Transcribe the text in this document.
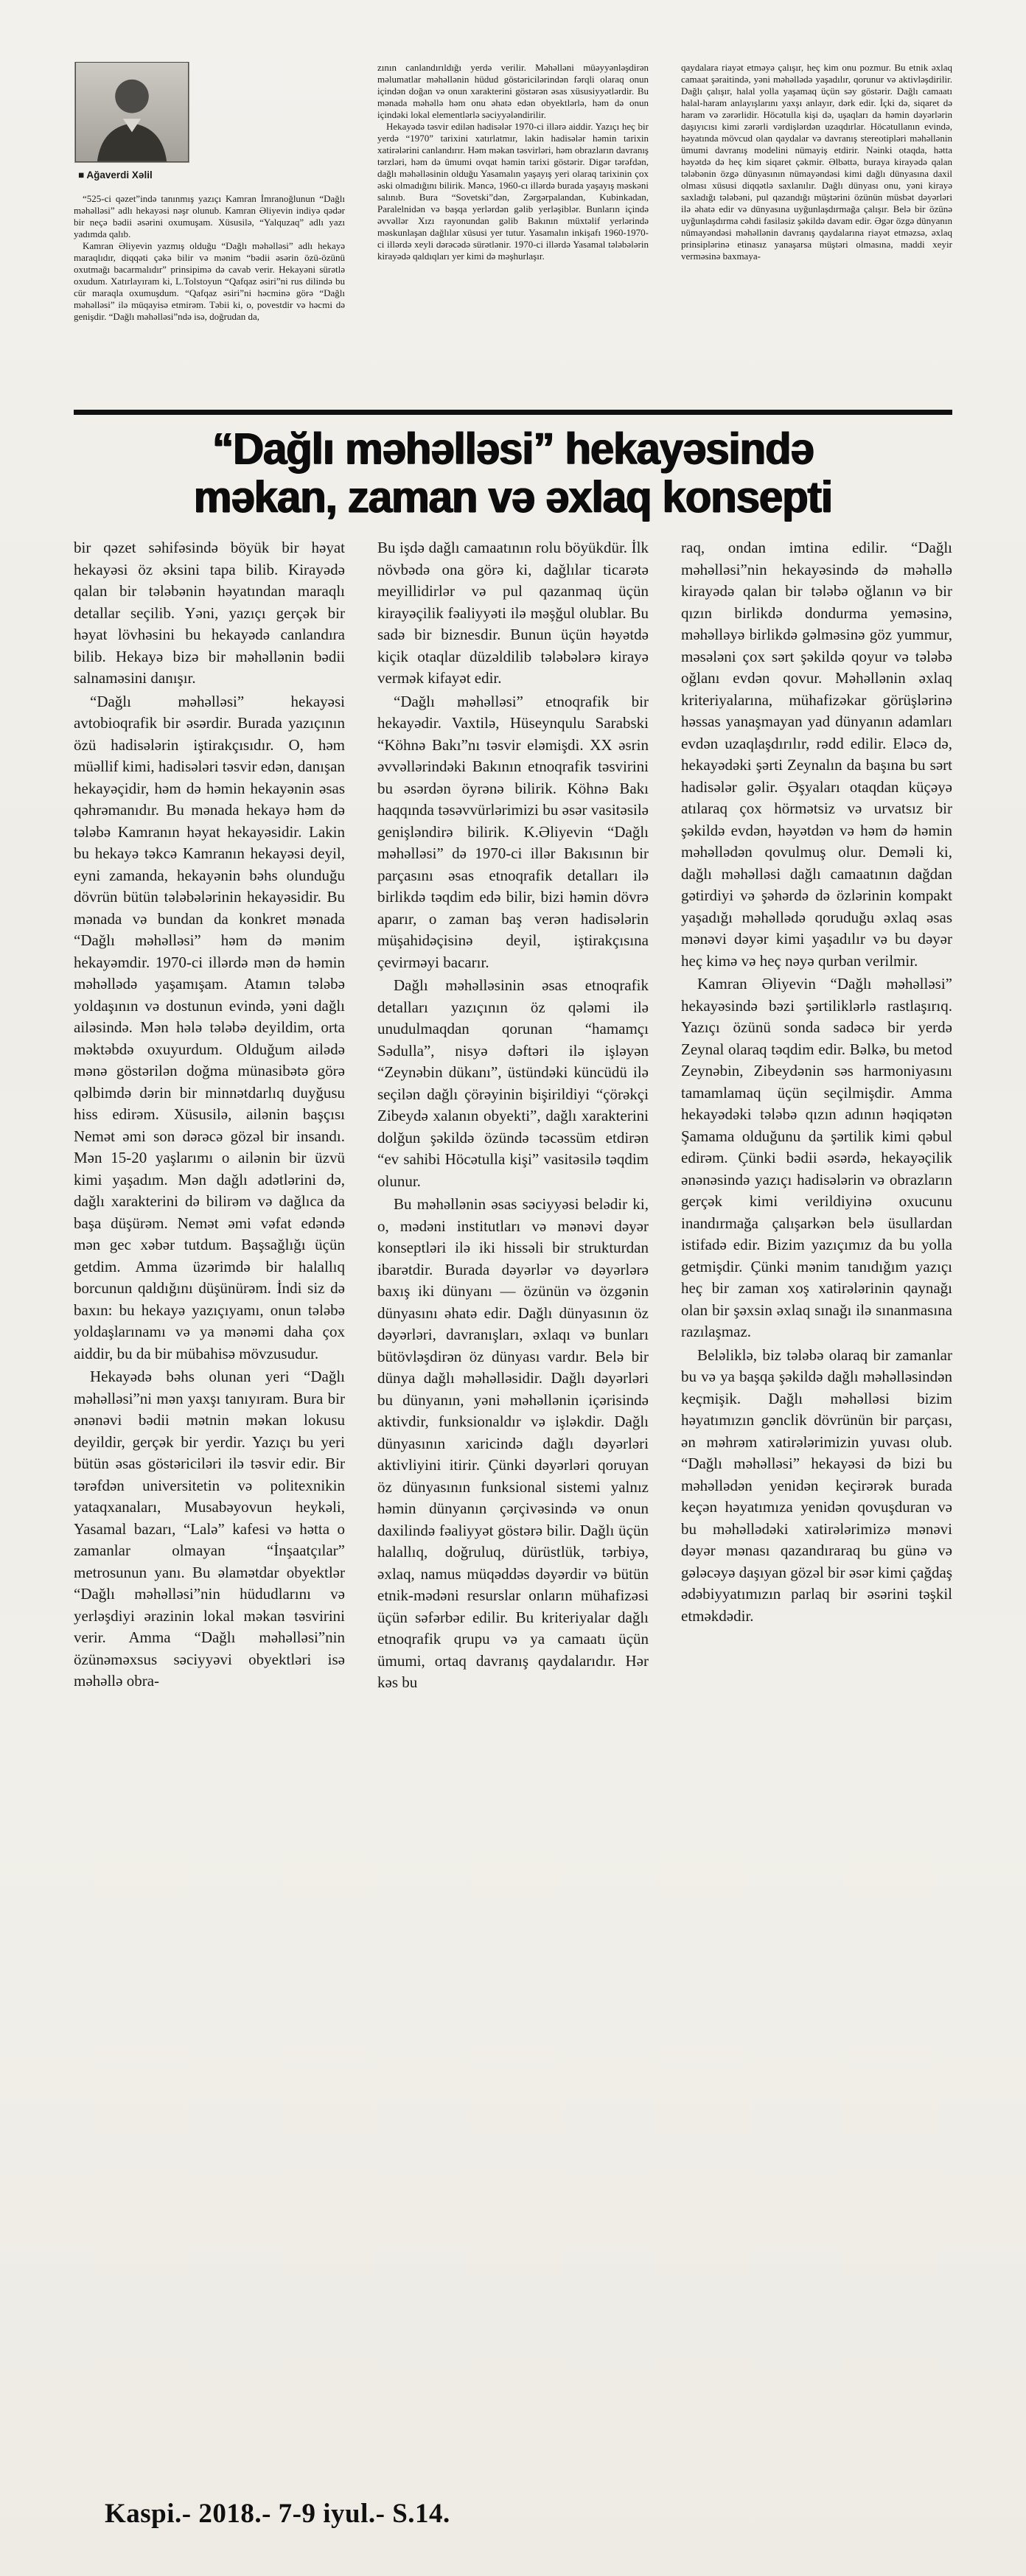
■ Ağaverdi Xəlil

“525-ci qəzet”ində tanınmış yazıçı Kamran İmranoğlunun “Dağlı məhəlləsi” adlı hekayəsi nəşr olunub. Kamran Əliyevin indiyə qədər bir neçə bədii əsərini oxumuşam. Xüsusilə, “Yalquzaq” adlı yazı yadımda qalıb.

Kamran Əliyevin yazmış olduğu “Dağlı məhəlləsi” adlı hekayə maraqlıdır, diqqəti çəkə bilir və mənim “bədii əsərin özü-özünü oxutmağı bacarmalıdır” prinsipimə də cavab verir. Hekayəni sürətlə oxudum. Xatırlayıram ki, L.Tolstoyun “Qafqaz əsiri”ni rus dilində bu cür maraqla oxumuşdum. “Qafqaz əsiri”ni həcminə görə “Dağlı məhəlləsi” ilə müqayisə etmirəm. Təbii ki, o, povestdir və həcmi də genişdir. “Dağlı məhəlləsi”ndə isə, doğrudan da,

zının canlandırıldığı yerdə verilir. Məhəlləni müəyyənləşdirən məlumatlar məhəllənin hüdud göstəricilərindən fərqli olaraq onun içindən doğan və onun xarakterini göstərən əsas xüsusiyyətlərdir. Bu mənada məhəllə həm onu əhatə edən obyektlərlə, həm də onun içindəki lokal elementlərlə səciyyələndirilir.

Hekayədə təsvir edilən hadisələr 1970-ci illərə aiddir. Yazıçı heç bir yerdə “1970” tarixini xatırlatmır, lakin hadisələr həmin tarixin xatirələrini canlandırır. Həm məkan təsvirləri, həm obrazların davranış tərzləri, həm də ümumi ovqat həmin tarixi göstərir. Digər tərəfdən, dağlı məhəlləsinin olduğu Yasamalın yaşayış yeri olaraq tarixinin çox əski olmadığını bilirik. Məncə, 1960-cı illərdə burada yaşayış məskəni salınıb. Bura “Sovetski”dən, Zərgərpalandan, Kubinkadan, Paralelnidən və başqa yerlərdən gəlib yerləşiblər. Bunların içində əvvəllər Xızı rayonundan gəlib Bakının müxtəlif yerlərində məskunlaşan dağlılar xüsusi yer tutur. Yasamalın inkişafı 1960-1970-ci illərdə xeyli dərəcədə sürətlənir. 1970-ci illərdə Yasamal tələbələrin kirayədə qaldıqları yer kimi də məşhurlaşır.

qaydalara riayət etməyə çalışır, heç kim onu pozmur. Bu etnik əxlaq camaat şəraitində, yəni məhəllədə yaşadılır, qorunur və aktivləşdirilir. Dağlı çalışır, halal yolla yaşamaq üçün səy göstərir. Dağlı camaatı halal-haram anlayışlarını yaxşı anlayır, dərk edir. İçki də, siqaret də haram və zərərlidir. Höcətulla kişi də, uşaqları da həmin dəyərlərin daşıyıcısı kimi zərərli vərdişlərdən uzaqdırlar. Höcətullanın evində, həyatında mövcud olan qaydalar və davranış stereotipləri məhəllənin ümumi davranış modelini nümayiş etdirir. Nəinki otaqda, hətta həyətdə də heç kim siqaret çəkmir. Əlbəttə, buraya kirayədə qalan tələbənin özgə dünyasının nümayəndəsi kimi dağlı dünyasına daxil olması xüsusi diqqətlə saxlanılır. Dağlı dünyası onu, yəni kirayə saxladığı tələbəni, pul qazandığı müştərini özünün müsbət dəyərləri ilə əhatə edir və dünyasına uyğunlaşdırmağa çalışır. Belə bir özünə uyğunlaşdırma cəhdi fasiləsiz şəkildə davam edir. Əgər özgə dünyanın nümayəndəsi məhəllənin davranış qaydalarına riayət etməzsə, əxlaq prinsiplərinə etinasız yanaşarsa müştəri olmasına, maddi xeyir verməsinə baxmaya-

“Dağlı məhəlləsi” hekayəsində
məkan, zaman və əxlaq konsepti

bir qəzet səhifəsində böyük bir həyat hekayəsi öz əksini tapa bilib. Kirayədə qalan bir tələbənin həyatından maraqlı detallar seçilib. Yəni, yazıçı gerçək bir həyat lövhəsini bu hekayədə canlandıra bilib. Hekayə bizə bir məhəllənin bədii salnaməsini danışır.

“Dağlı məhəlləsi” hekayəsi avtobioqrafik bir əsərdir. Burada yazıçının özü hadisələrin iştirakçısıdır. O, həm müəllif kimi, hadisələri təsvir edən, danışan hekayəçidir, həm də həmin hekayənin əsas qəhrəmanıdır. Bu mənada hekayə həm də tələbə Kamranın həyat hekayəsidir. Lakin bu hekayə təkcə Kamranın hekayəsi deyil, eyni zamanda, hekayənin bəhs olunduğu dövrün bütün tələbələrinin hekayəsidir. Bu mənada və bundan da konkret mənada “Dağlı məhəlləsi” həm də mənim hekayəmdir. 1970-ci illərdə mən də həmin məhəllədə yaşamışam. Atamın tələbə yoldaşının və dostunun evində, yəni dağlı ailəsində. Mən hələ tələbə deyildim, orta məktəbdə oxuyurdum. Olduğum ailədə mənə göstərilən doğma münasibətə görə qəlbimdə dərin bir minnətdarlıq duyğusu hiss edirəm. Xüsusilə, ailənin başçısı Nemət əmi son dərəcə gözəl bir insandı. Mən 15-20 yaşlarımı o ailənin bir üzvü kimi yaşadım. Mən dağlı adətlərini də, dağlı xarakterini də bilirəm və dağlıca da başa düşürəm. Nemət əmi vəfat edəndə mən gec xəbər tutdum. Başsağlığı üçün getdim. Amma üzərimdə bir halallıq borcunun qaldığını düşünürəm. İndi siz də baxın: bu hekayə yazıçıyamı, onun tələbə yoldaşlarınamı və ya mənəmi daha çox aiddir, bu da bir mübahisə mövzusudur.

Hekayədə bəhs olunan yeri “Dağlı məhəlləsi”ni mən yaxşı tanıyıram. Bura bir ənənəvi bədii mətnin məkan lokusu deyildir, gerçək bir yerdir. Yazıçı bu yeri bütün əsas göstəriciləri ilə təsvir edir. Bir tərəfdən universitetin və politexnikin yataqxanaları, Musabəyovun heykəli, Yasamal bazarı, “Lalə” kafesi və hətta o zamanlar olmayan “İnşaatçılar” metrosunun yanı. Bu əlamətdar obyektlər “Dağlı məhəlləsi”nin hüdudlarını və yerləşdiyi ərazinin lokal məkan təsvirini verir. Amma “Dağlı məhəlləsi”nin özünəməxsus səciyyəvi obyektləri isə məhəllə obra-

Bu işdə dağlı camaatının rolu böyükdür. İlk növbədə ona görə ki, dağlılar ticarətə meyillidirlər və pul qazanmaq üçün kirayəçilik fəaliyyəti ilə məşğul olublar. Bu sadə bir biznesdir. Bunun üçün həyətdə kiçik otaqlar düzəldilib tələbələrə kirayə vermək kifayət edir.

“Dağlı məhəlləsi” etnoqrafik bir hekayədir. Vaxtilə, Hüseynqulu Sarabski “Köhnə Bakı”nı təsvir eləmişdi. XX əsrin əvvəllərindəki Bakının etnoqrafik təsvirini bu əsərdən öyrənə bilirik. Köhnə Bakı haqqında təsəvvürlərimizi bu əsər vasitəsilə genişləndirə bilirik. K.Əliyevin “Dağlı məhəlləsi” də 1970-ci illər Bakısının bir parçasını əsas etnoqrafik detalları ilə birlikdə təqdim edə bilir, bizi həmin dövrə aparır, o zaman baş verən hadisələrin müşahidəçisinə deyil, iştirakçısına çevirməyi bacarır.

Dağlı məhəlləsinin əsas etnoqrafik detalları yazıçının öz qələmi ilə unudulmaqdan qorunan “hamamçı Sədulla”, nisyə dəftəri ilə işləyən “Zeynəbin dükanı”, üstündəki küncüdü ilə seçilən dağlı çörəyinin bişirildiyi “çörəkçi Zibeydə xalanın obyekti”, dağlı xarakterini dolğun şəkildə özündə təcəssüm etdirən “ev sahibi Höcətulla kişi” vasitəsilə təqdim olunur.

Bu məhəllənin əsas səciyyəsi belədir ki, o, mədəni institutları və mənəvi dəyər konseptləri ilə iki hissəli bir strukturdan ibarətdir. Burada dəyərlər və dəyərlərə baxış iki dünyanı — özünün və özgənin dünyasını əhatə edir. Dağlı dünyasının öz dəyərləri, davranışları, əxlaqı və bunları bütövləşdirən öz dünyası vardır. Belə bir dünya dağlı məhəlləsidir. Dağlı dəyərləri bu dünyanın, yəni məhəllənin içərisində aktivdir, funksionaldır və işləkdir. Dağlı dünyasının xaricində dağlı dəyərləri aktivliyini itirir. Çünki dəyərləri qoruyan öz dünyasının funksional sistemi yalnız həmin dünyanın çərçivəsində və onun daxilində fəaliyyət göstərə bilir. Dağlı üçün halallıq, doğruluq, dürüstlük, tərbiyə, əxlaq, namus müqəddəs dəyərdir və bütün etnik-mədəni resurslar onların mühafizəsi üçün səfərbər edilir. Bu kriteriyalar dağlı etnoqrafik qrupu və ya camaatı üçün ümumi, ortaq davranış qaydalarıdır. Hər kəs bu

raq, ondan imtina edilir. “Dağlı məhəlləsi”nin hekayəsində də məhəllə kirayədə qalan bir tələbə oğlanın və bir qızın birlikdə dondurma yeməsinə, məhəlləyə birlikdə gəlməsinə göz yummur, məsələni çox sərt şəkildə qoyur və tələbə oğlanı evdən qovur. Məhəllənin əxlaq kriteriyalarına, mühafizəkar görüşlərinə həssas yanaşmayan yad dünyanın adamları evdən uzaqlaşdırılır, rədd edilir. Eləcə də, hekayədəki şərti Zeynalın da başına bu sərt hadisələr gəlir. Əşyaları otaqdan küçəyə atılaraq çox hörmətsiz və urvatsız bir şəkildə evdən, həyətdən və həm də həmin məhəllədən qovulmuş olur. Deməli ki, dağlı məhəlləsi dağlı camaatının dağdan gətirdiyi və şəhərdə də özlərinin kompakt yaşadığı məhəllədə qoruduğu əxlaq əsas mənəvi dəyər kimi yaşadılır və bu dəyər heç kimə və heç nəyə qurban verilmir.

Kamran Əliyevin “Dağlı məhəlləsi” hekayəsində bəzi şərtiliklərlə rastlaşırıq. Yazıçı özünü sonda sadəcə bir yerdə Zeynal olaraq təqdim edir. Bəlkə, bu metod Zeynəbin, Zibeydənin səs harmoniyasını tamamlamaq üçün seçilmişdir. Amma hekayədəki tələbə qızın adının həqiqətən Şamama olduğunu da şərtilik kimi qəbul edirəm. Çünki bədii əsərdə, hekayəçilik ənənəsində yazıçı hadisələrin və obrazların gerçək kimi verildiyinə oxucunu inandırmağa çalışarkən belə üsullardan istifadə edir. Bizim yazıçımız da bu yolla getmişdir. Çünki mənim tanıdığım yazıçı heç bir zaman xoş xatirələrinin qaynağı olan bir şəxsin əxlaq sınağı ilə sınanmasına razılaşmaz.

Beləliklə, biz tələbə olaraq bir zamanlar bu və ya başqa şəkildə dağlı məhəlləsindən keçmişik. Dağlı məhəlləsi bizim həyatımızın gənclik dövrünün bir parçası, ən məhrəm xatirələrimizin yuvası olub. “Dağlı məhəlləsi” hekayəsi də bizi bu məhəllədən yenidən keçirərək burada keçən həyatımıza yenidən qovuşduran və bu məhəllədəki xatirələrimizə mənəvi dəyər mənası qazandıraraq bu günə və gələcəyə daşıyan gözəl bir əsər kimi çağdaş ədəbiyyatımızın parlaq bir əsərini təşkil etməkdədir.

Kaspi.- 2018.- 7-9 iyul.- S.14.
